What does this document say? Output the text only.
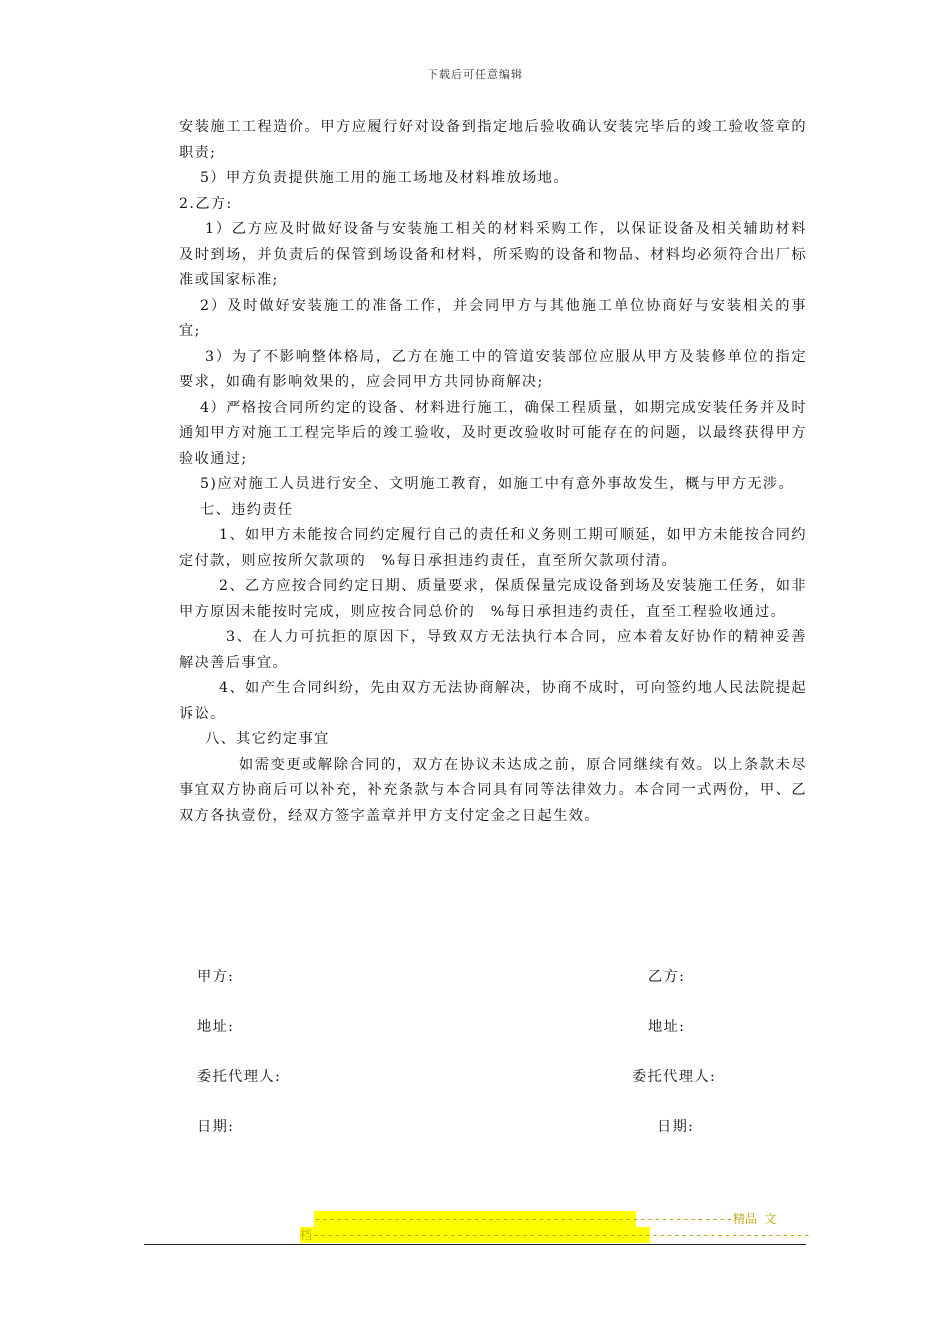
下载后可任意编辑

安装施工工程造价。甲方应履行好对设备到指定地后验收确认安装完毕后的竣工验收签章的职责;

5）甲方负责提供施工用的施工场地及材料堆放场地。

2.乙方:

1）乙方应及时做好设备与安装施工相关的材料采购工作，以保证设备及相关辅助材料及时到场，并负责后的保管到场设备和材料，所采购的设备和物品、材料均必须符合出厂标准或国家标准;

2）及时做好安装施工的准备工作，并会同甲方与其他施工单位协商好与安装相关的事宜;

3）为了不影响整体格局，乙方在施工中的管道安装部位应服从甲方及装修单位的指定要求，如确有影响效果的，应会同甲方共同协商解决;

4）严格按合同所约定的设备、材料进行施工，确保工程质量，如期完成安装任务并及时通知甲方对施工工程完毕后的竣工验收，及时更改验收时可能存在的问题，以最终获得甲方验收通过;

5)应对施工人员进行安全、文明施工教育，如施工中有意外事故发生，概与甲方无涉。

七、违约责任

1、如甲方未能按合同约定履行自己的责任和义务则工期可顺延，如甲方未能按合同约定付款，则应按所欠款项的　%每日承担违约责任，直至所欠款项付清。

2、乙方应按合同约定日期、质量要求，保质保量完成设备到场及安装施工任务，如非甲方原因未能按时完成，则应按合同总价的　%每日承担违约责任，直至工程验收通过。

3、在人力可抗拒的原因下，导致双方无法执行本合同，应本着友好协作的精神妥善解决善后事宜。

4、如产生合同纠纷，先由双方无法协商解决，协商不成时，可向签约地人民法院提起诉讼。

八、其它约定事宜

如需变更或解除合同的，双方在协议未达成之前，原合同继续有效。以上条款未尽事宜双方协商后可以补充，补充条款与本合同具有同等法律效力。本合同一式两份，甲、乙双方各执壹份，经双方签字盖章并甲方支付定金之日起生效。

甲方:	乙方:
地址:	地址:
委托代理人:	委托代理人:
日期:	日期:
----------------------------------------------------------精品 文
档---------------------------------------------------------------------
